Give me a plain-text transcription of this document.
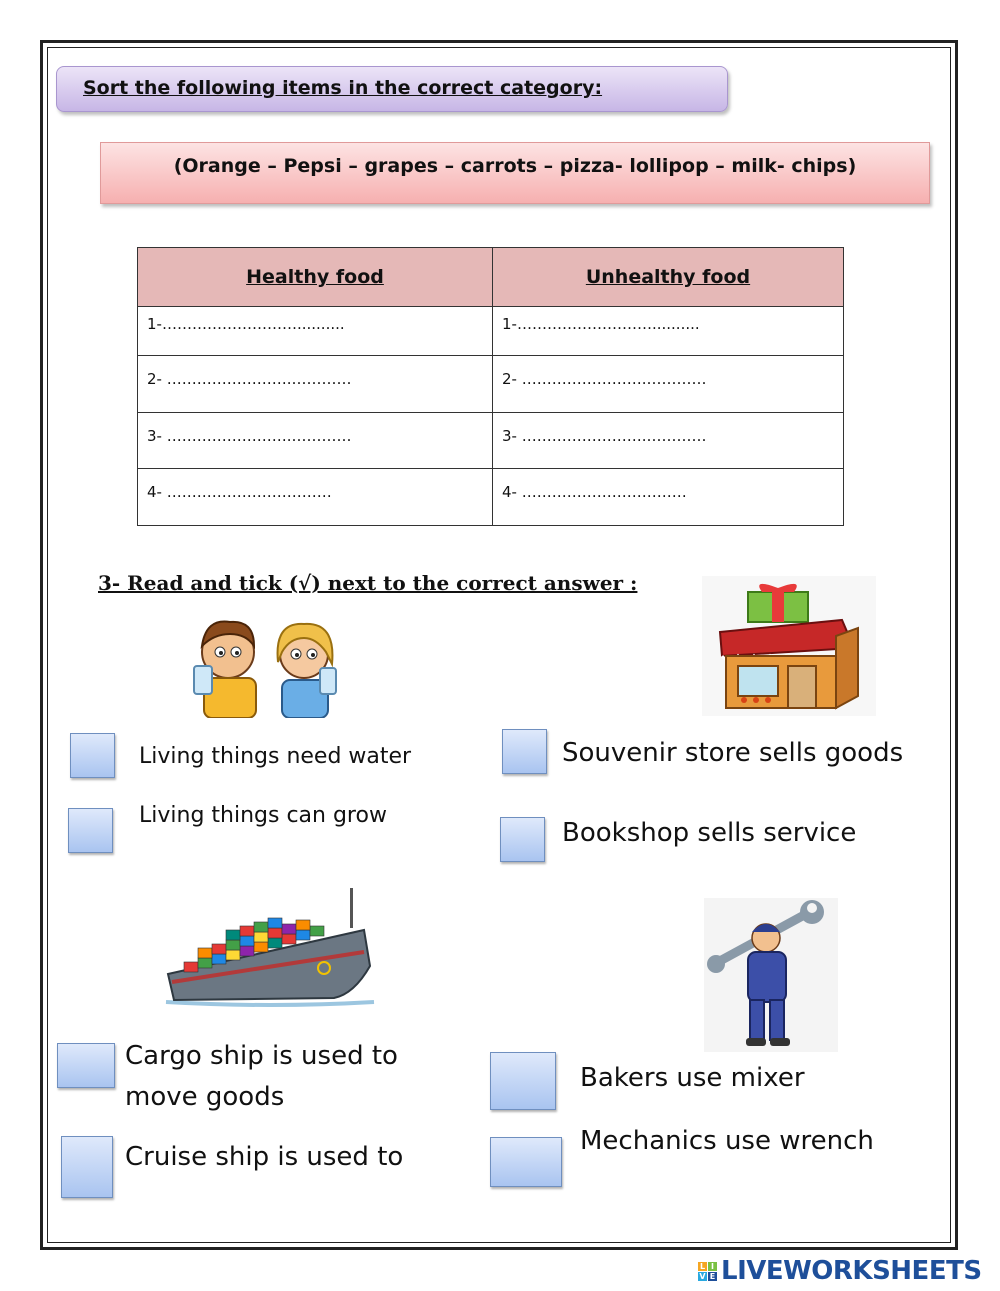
Sort the following items in the correct category:
(Orange – Pepsi – grapes – carrots – pizza- lollipop – milk- chips)
Healthy food	Unhealthy food
1-………………………..........	1-………………………..........
2- …………………….…………	2- …………………….…………
3- …………………….…………	3- …………………….…………
4- ……………………………	4- ……………………………
3- Read and tick (√) next to the correct answer :
Living things need water
Living things can grow
Souvenir store sells goods
Bookshop sells service
Cargo ship is used to
move goods
Cruise ship is used to
Bakers use mixer
Mechanics use wrench
L I
V E LIVEWORKSHEETS
